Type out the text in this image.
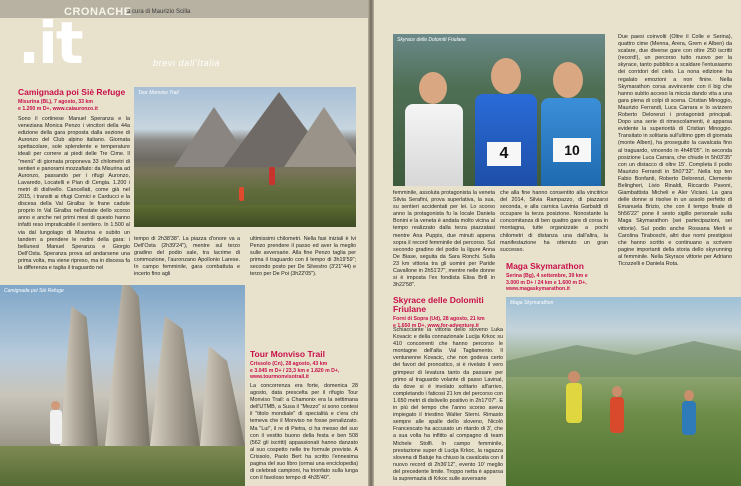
CRONACHE
a cura di Maurizio Scilla
.it	brevi dall'Italia
Camignada poi Siè Refuge
Misurina (BL), 7 agosto, 33 km
e 1.200 m D+, www.caiauronzo.it
Sono il cortinese Manuel Speranza e la veneziana Monica Penzo i vincitori della 44a edizione della gara proposta dalla sezione di Auronzo del Club alpino italiano. Giornata spettacolare, sole splendente e temperature ideali per correre ai piedi delle Tre Cime. Il "menù" di giornata proponeva 33 chilometri di sentieri e panorami mozzafiato: da Misurina ad Auronzo, passando per i rifugi Auronzo, Lavaredo, Locatelli e Pian di Cengia. 1.200 i metri di dislivello. Cancellati, come già nel 2015, i transiti ai rifugi Comici e Carducci e la discesa della Val Giralba: le frane cadute proprio in Val Giralba nell'estate dello scorso anno e anche nei primi mesi di questo hanno infatti reso impraticabile il sentiero. In 1.500 al via dal lungolago di Misurina e subito un tandem a prendere le redini della gara: i bellunesi Manuel Speranza e Giorgio Dell'Osta. Speranza prova ad andarsene una prima volta, ma viene ripreso, ma in discesa fa la differenza e taglia il traguardo nel
Tour Monviso Trail
tempo di 2h38'38". La piazza d'onore va a Dell'Osta (2h39'24"), mentre sul terzo gradino del podio sale, tra lacrime di commozione, l'auronzano Apollonio Larese. In campo femminile, gara combattuta e incerto fino agli
ultimissimi chilometri. Nella fasi iniziali è Ivi Penzo prendere il passo ed aver la meglio sulle avversarie. Alla fine Penzo taglia per prima il traguardo con il tempo di 3h19'59"; secondo posto per De Silvestro (3'21"44) e terzo per De Poi (3h22'05").
Camignada poi Siè Refuge
Tour Monviso Trail
Crissolo (Cn), 28 agosto, 43 km
e 3.045 m D+ / 23,3 km e 1.820 m D+,
www.tourmonvisotrail.it
La concorrenza era forte, domenica 28 agosto, data prescelta per il rifugio Tour Monviso Trail: a Chamonix era la settimana dell'UTMB, a Susa il "Mezzo" si sono contesi il "titolo mondiale" di specialità e c'era chi temeva che il Monviso ne fosse penalizzato. Ma "Lui", il re di Pietra, ci ha messo del suo con il vestito buono della festa e ben 508 (562 gli iscritti) appassionati hanno danzato al suo cospetto nelle tre formule previste. A Crissolo, Paolo Bert ha scritto l'ennesima pagina del suo libro (ormai una enciclopedia) di celebrati campioni, ha trionfato sulla lunga con il favoloso tempo di 4h35'40".
Skyrace delle Dolomiti Friulane
4	10
femminile, assoluta protagonista la veneta Silvia Serafini, prova superlativa, la sua, su sentieri accidentati per lei. Lo scorso anno la protagonista fu la locale Daniela Bonini e la veneta è andata molto vicina al tempo realizzato dalla terza piazzatasi mentre Ana Puppis, due minuti appena sopra il record femminile del percorso. Sul secondo gradino del podio la ligure Anna De Biase, seguita da Sara Ronchi. Sulla 23 km vittoria tra gli uomini per Paride Cavallone in 2h51'27", mentre nelle donne si è imposta l'ex fondista Elisa Brill in 3h22'58".
che alla fine hanno consentito alla vincitrice del 2014, Silvia Rampazzo, di piazzarsi seconda, e alla carnica Lavinia Garbaldi di occupare la terza posizione. Nonostante la concomitanza di ben quattro gare di corsa in montagna, tutte organizzate a pochi chilometri di distanza una dall'altra, la manifestazione ha ottenuto un gran successo.
Skyrace delle Dolomiti Friulane
Forni di Sopra (Ud), 28 agosto, 21 km
e 1.650 m D+, www.for-adventure.it
Schiacciante la vittoria dello sloveno Luka Kovacic e della connazionale Lucija Krkoc su 410 concorrenti che hanno percorso le montagne dell'alta Val Tagliamento. Il ventunenne Kovacic, che non godeva certo dei favori del pronostico, si è rivelato il vero grimpeur di levatura tanto da passare per primo al traguardo volante di passo Lavinal, da dove si è involato solitario all'arrivo, completando i faticosi 21 km del percorso con 1.650 metri di dislivello positivo in 2h17'07". E in più del tempo che l'anno scorso aveva impiegato il triestino Walter Sterni. Rimasto sempre alle spalle dello sloveno, Nicolò Francescato ha accusato un ritardo di 3', che a sua volta ha inflitto al compagno di team Michele Stolfi. In campo femminile, prestazione super di Lucija Krkoc, la ragazza slovena di Batuje ha chiuso la cavalcata con il nuovo record di 2h36'12", evento 10' meglio del precedente limite. Troppo netta è apparsa la supremazia di Krkoc sulle avversarie
Maga Skymarathon
Serina (Bg), 4 settembre, 39 km e
3.000 m D+ / 24 km e 1.600 m D+,
www.magaskymarathon.it
Due paesi coinvolti (Oltre il Colle e Serina), quattro cime (Menna, Arera, Grem e Alben) da scalare, due diverse gare con oltre 250 iscritti (record!), un percorso tutto nuovo per la skyrace, tanto pubblico a scaldare l'entusiasmo dei corridori del cielo. La nona edizione ha regalato emozioni a non finire. Nella Skymarathon corsa avvincente con il big che hanno subito acceso la miccia dando vita a una gara piena di colpi di scena. Cristian Minoggio, Maurizio Ferrandi, Luca Carrara e lo svizzero Roberto Delorenzi i protagonisti principali. Dopo una serie di rimescolamenti, è apparsa evidente la superiorità di Cristian Minoggio. Transitato in solitaria sull'ultimo gpm di giornata (monte Alben), ha proseguito la cavalcata fino al traguardo, vincendo in 4h48'05". In seconda posizione Luca Carrara, che chiude in 5h03'35" con un distacco di oltre 15'. Completa il podio Maurizio Ferrandi in 5h07'32". Nella top ten Fabio Bonfanti, Roberto Delorenzi, Clemente Belingheri, Livio Rinaldi, Riccardo Pavoni, Giambattista Micheli e Aler Viciani. La gara delle donne si risolve in un assolo perfetto di Emanuela Brizio, che con il tempo finale di 5h56'22" pone il sesto sigillo personale sulla Maga Skymarathon (sei partecipazioni, sei vittorie). Sul podio anche Rossana Merli e Carolina Tiraboschi, altri due nomi prestigiosi che hanno scritto e continuano a scrivere pagine importanti della storia dello skyrunning al femminile. Nella Skyrace vittorie per Adriano Ticozzelli e Daniela Rota.
Maga Skymarathon
